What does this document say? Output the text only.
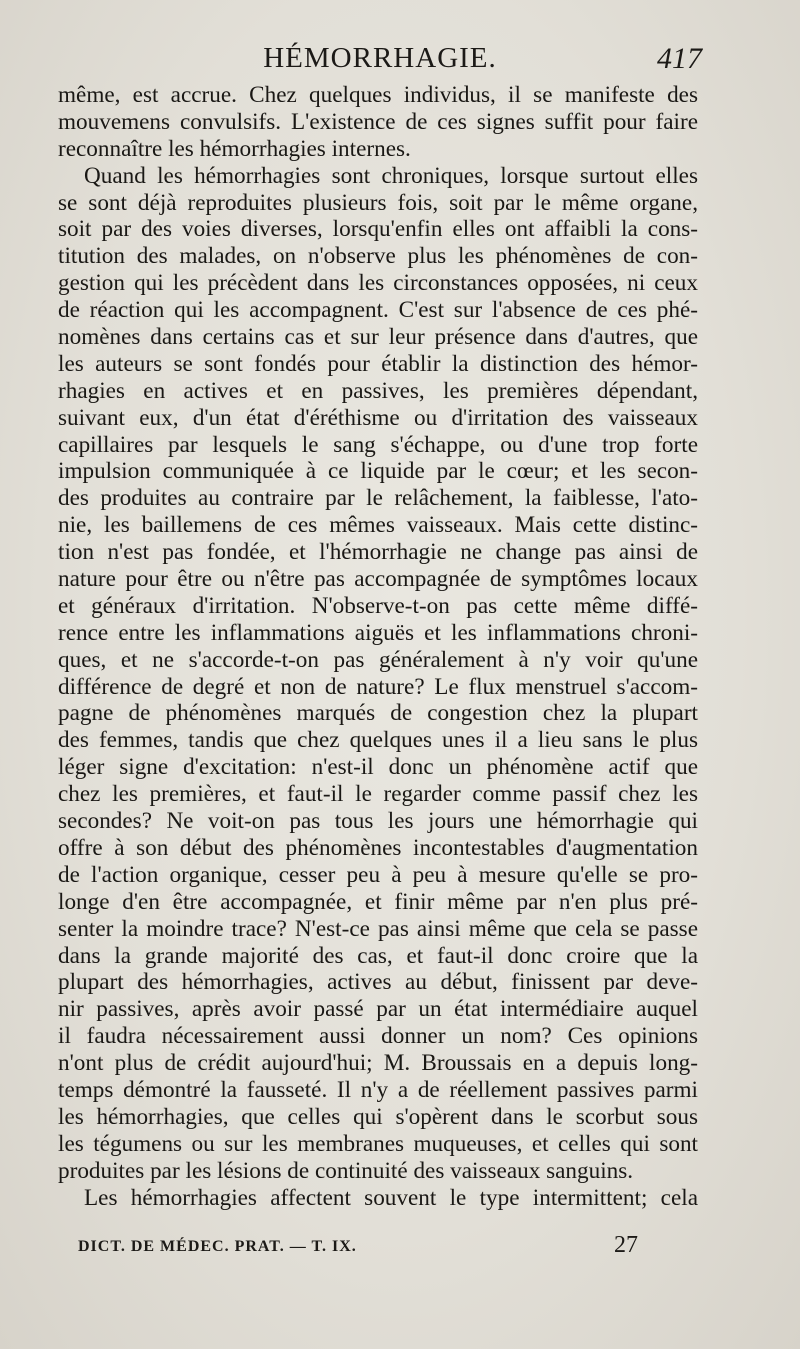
HÉMORRHAGIE.	417
même, est accrue. Chez quelques individus, il se manifeste des
mouvemens convulsifs. L'existence de ces signes suffit pour faire
reconnaître les hémorrhagies internes.
Quand les hémorrhagies sont chroniques, lorsque surtout elles
se sont déjà reproduites plusieurs fois, soit par le même organe,
soit par des voies diverses, lorsqu'enfin elles ont affaibli la cons-
titution des malades, on n'observe plus les phénomènes de con-
gestion qui les précèdent dans les circonstances opposées, ni ceux
de réaction qui les accompagnent. C'est sur l'absence de ces phé-
nomènes dans certains cas et sur leur présence dans d'autres, que
les auteurs se sont fondés pour établir la distinction des hémor-
rhagies en actives et en passives, les premières dépendant,
suivant eux, d'un état d'éréthisme ou d'irritation des vaisseaux
capillaires par lesquels le sang s'échappe, ou d'une trop forte
impulsion communiquée à ce liquide par le cœur; et les secon-
des produites au contraire par le relâchement, la faiblesse, l'ato-
nie, les baillemens de ces mêmes vaisseaux. Mais cette distinc-
tion n'est pas fondée, et l'hémorrhagie ne change pas ainsi de
nature pour être ou n'être pas accompagnée de symptômes locaux
et généraux d'irritation. N'observe-t-on pas cette même diffé-
rence entre les inflammations aiguës et les inflammations chroni-
ques, et ne s'accorde-t-on pas généralement à n'y voir qu'une
différence de degré et non de nature? Le flux menstruel s'accom-
pagne de phénomènes marqués de congestion chez la plupart
des femmes, tandis que chez quelques unes il a lieu sans le plus
léger signe d'excitation: n'est-il donc un phénomène actif que
chez les premières, et faut-il le regarder comme passif chez les
secondes? Ne voit-on pas tous les jours une hémorrhagie qui
offre à son début des phénomènes incontestables d'augmentation
de l'action organique, cesser peu à peu à mesure qu'elle se pro-
longe d'en être accompagnée, et finir même par n'en plus pré-
senter la moindre trace? N'est-ce pas ainsi même que cela se passe
dans la grande majorité des cas, et faut-il donc croire que la
plupart des hémorrhagies, actives au début, finissent par deve-
nir passives, après avoir passé par un état intermédiaire auquel
il faudra nécessairement aussi donner un nom? Ces opinions
n'ont plus de crédit aujourd'hui; M. Broussais en a depuis long-
temps démontré la fausseté. Il n'y a de réellement passives parmi
les hémorrhagies, que celles qui s'opèrent dans le scorbut sous
les tégumens ou sur les membranes muqueuses, et celles qui sont
produites par les lésions de continuité des vaisseaux sanguins.
Les hémorrhagies affectent souvent le type intermittent; cela
DICT. DE MÉDEC. PRAT. — T. IX.	27
